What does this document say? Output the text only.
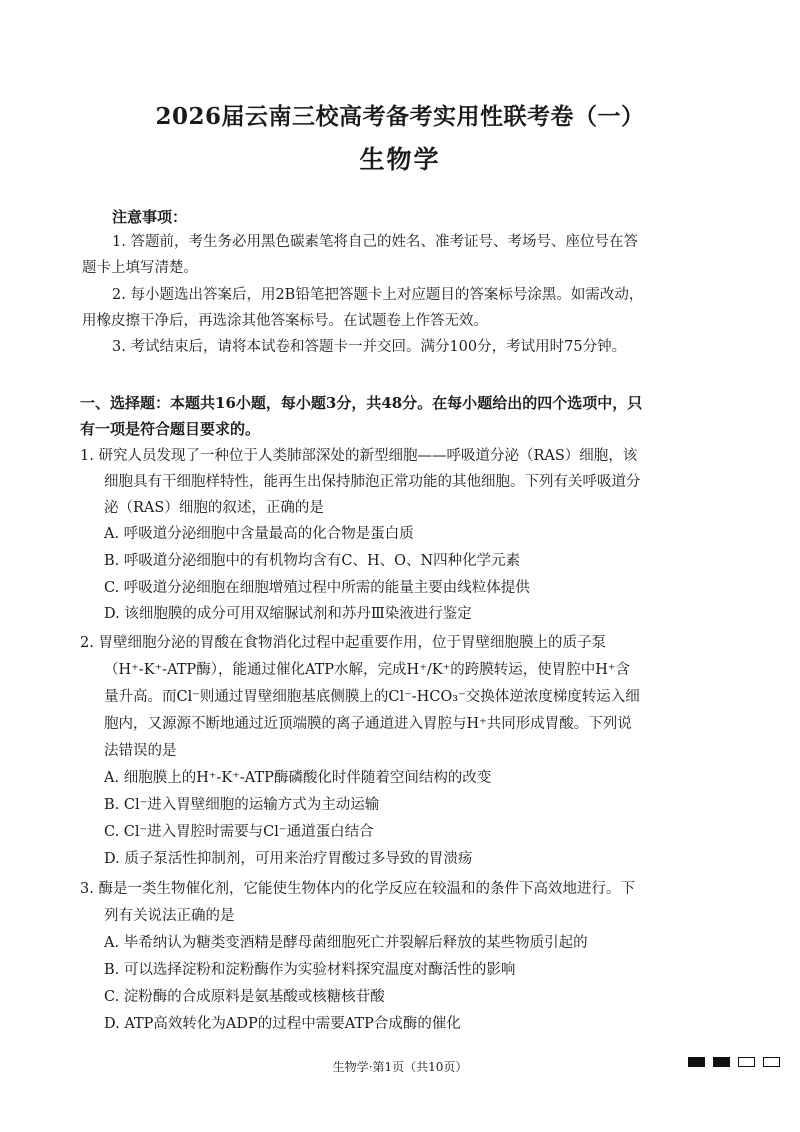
2026届云南三校高考备考实用性联考卷（一）
生物学
注意事项：
1. 答题前，考生务必用黑色碳素笔将自己的姓名、准考证号、考场号、座位号在答
题卡上填写清楚。
2. 每小题选出答案后，用2B铅笔把答题卡上对应题目的答案标号涂黑。如需改动，
用橡皮擦干净后，再选涂其他答案标号。在试题卷上作答无效。
3. 考试结束后，请将本试卷和答题卡一并交回。满分100分，考试用时75分钟。
一、选择题：本题共16小题，每小题3分，共48分。在每小题给出的四个选项中，只
有一项是符合题目要求的。
1. 研究人员发现了一种位于人类肺部深处的新型细胞——呼吸道分泌（RAS）细胞，该
细胞具有干细胞样特性，能再生出保持肺泡正常功能的其他细胞。下列有关呼吸道分
泌（RAS）细胞的叙述，正确的是
A. 呼吸道分泌细胞中含量最高的化合物是蛋白质
B. 呼吸道分泌细胞中的有机物均含有C、H、O、N四种化学元素
C. 呼吸道分泌细胞在细胞增殖过程中所需的能量主要由线粒体提供
D. 该细胞膜的成分可用双缩脲试剂和苏丹Ⅲ染液进行鉴定
2. 胃壁细胞分泌的胃酸在食物消化过程中起重要作用，位于胃壁细胞膜上的质子泵
（H⁺-K⁺-ATP酶），能通过催化ATP水解，完成H⁺/K⁺的跨膜转运，使胃腔中H⁺含
量升高。而Cl⁻则通过胃壁细胞基底侧膜上的Cl⁻-HCO₃⁻交换体逆浓度梯度转运入细
胞内，又源源不断地通过近顶端膜的离子通道进入胃腔与H⁺共同形成胃酸。下列说
法错误的是
A. 细胞膜上的H⁺-K⁺-ATP酶磷酸化时伴随着空间结构的改变
B. Cl⁻进入胃壁细胞的运输方式为主动运输
C. Cl⁻进入胃腔时需要与Cl⁻通道蛋白结合
D. 质子泵活性抑制剂，可用来治疗胃酸过多导致的胃溃疡
3. 酶是一类生物催化剂，它能使生物体内的化学反应在较温和的条件下高效地进行。下
列有关说法正确的是
A. 毕希纳认为糖类变酒精是酵母菌细胞死亡并裂解后释放的某些物质引起的
B. 可以选择淀粉和淀粉酶作为实验材料探究温度对酶活性的影响
C. 淀粉酶的合成原料是氨基酸或核糖核苷酸
D. ATP高效转化为ADP的过程中需要ATP合成酶的催化
生物学·第1页（共10页）
